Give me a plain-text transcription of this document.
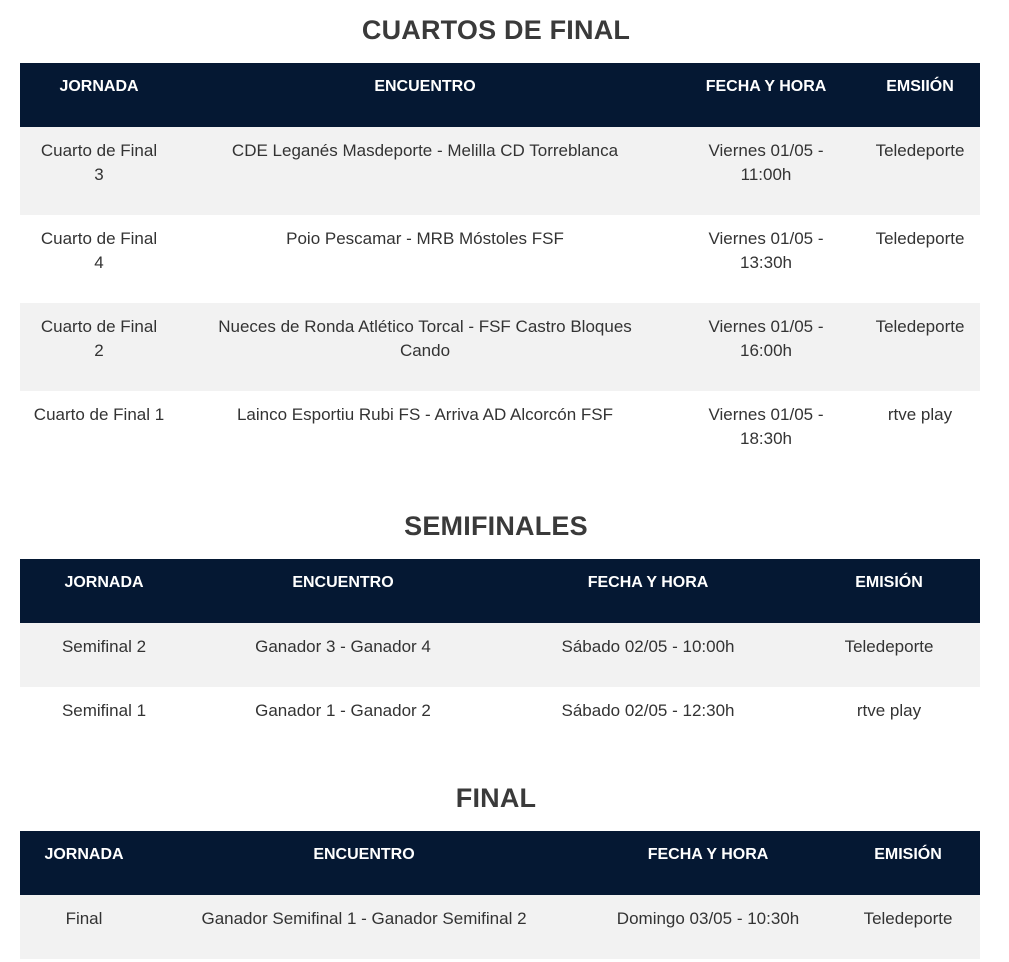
CUARTOS DE FINAL
JORNADA	ENCUENTRO	FECHA Y HORA	EMSIIÓN
Cuarto de Final 3	CDE Leganés Masdeporte - Melilla CD Torreblanca	Viernes 01/05 - 11:00h	Teledeporte
Cuarto de Final 4	Poio Pescamar - MRB Móstoles FSF	Viernes 01/05 - 13:30h	Teledeporte
Cuarto de Final 2	Nueces de Ronda Atlético Torcal - FSF Castro Bloques Cando	Viernes 01/05 - 16:00h	Teledeporte
Cuarto de Final 1	Lainco Esportiu Rubi FS - Arriva AD Alcorcón FSF	Viernes 01/05 - 18:30h	rtve play
SEMIFINALES
JORNADA	ENCUENTRO	FECHA Y HORA	EMISIÓN
Semifinal 2	Ganador 3 - Ganador 4	Sábado 02/05 - 10:00h	Teledeporte
Semifinal 1	Ganador 1 - Ganador 2	Sábado 02/05 - 12:30h	rtve play
FINAL
JORNADA	ENCUENTRO	FECHA Y HORA	EMISIÓN
Final	Ganador Semifinal 1 - Ganador Semifinal 2	Domingo 03/05 - 10:30h	Teledeporte
